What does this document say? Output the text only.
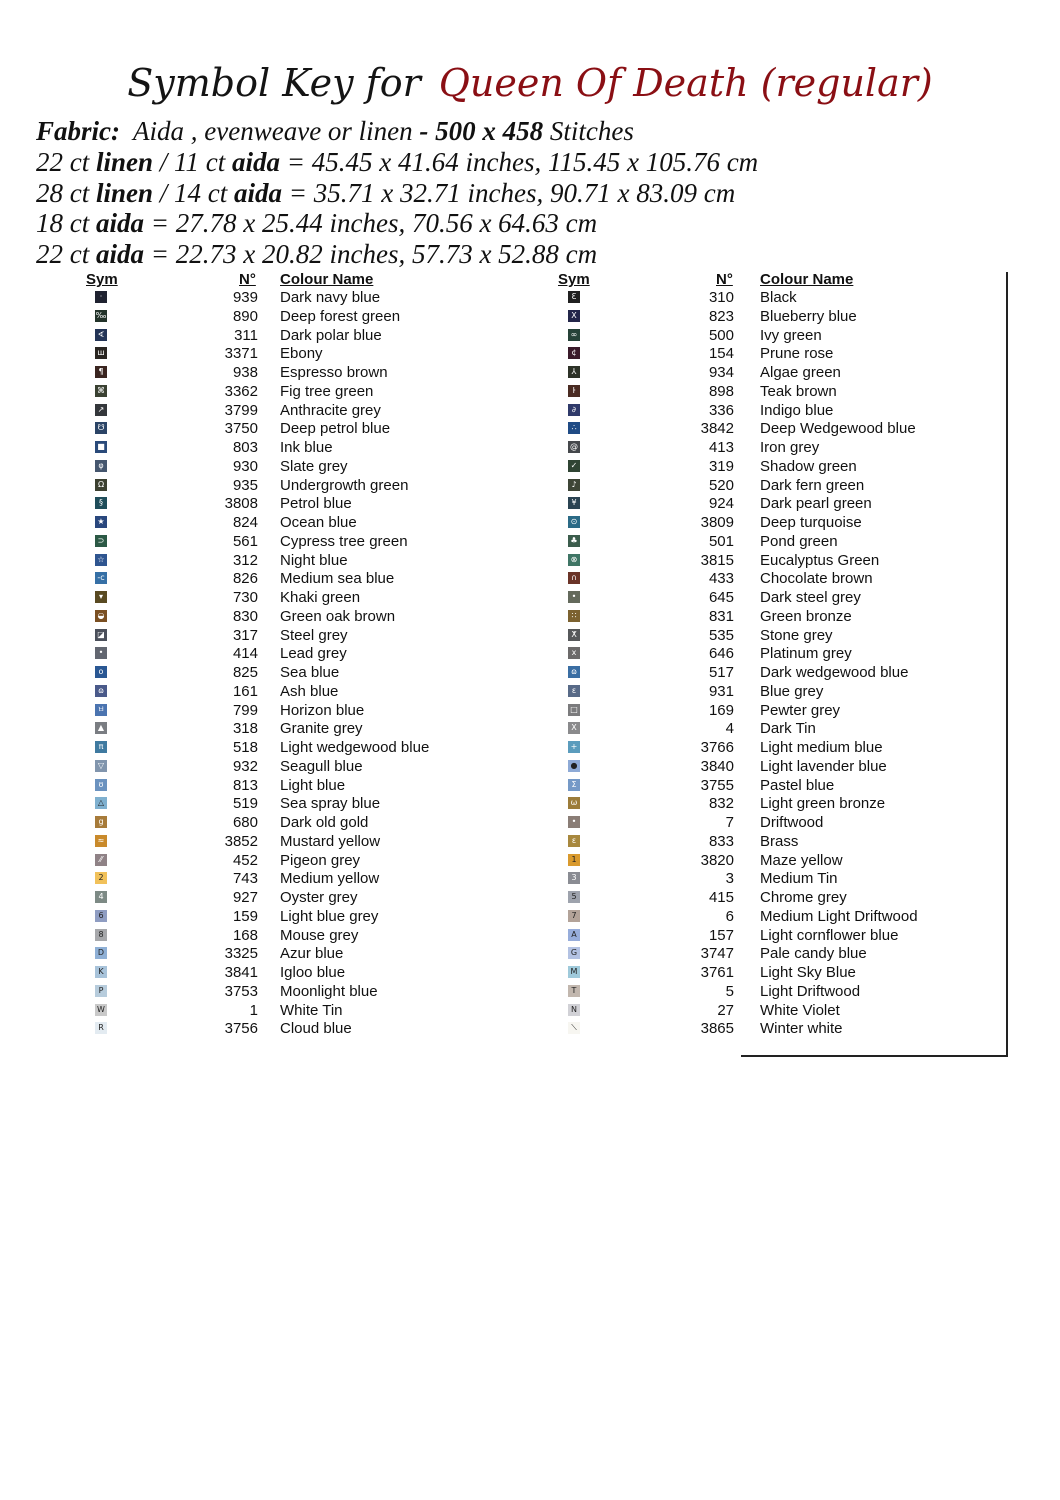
Symbol Key for Queen Of Death (regular)
Fabric: Aida , evenweave or linen - 500 x 458 Stitches
22 ct linen / 11 ct aida = 45.45 x 41.64 inches, 115.45 x 105.76 cm
28 ct linen / 14 ct aida = 35.71 x 32.71 inches, 90.71 x 83.09 cm
18 ct aida = 27.78 x 25.44 inches, 70.56 x 64.63 cm
22 ct aida = 22.73 x 20.82 inches, 57.73 x 52.88 cm
Sym	N° Colour Name
·	939 Dark navy blue
‰	890 Deep forest green
∢	311 Dark polar blue
ш	3371 Ebony
¶	938 Espresso brown
⌘	3362 Fig tree green
↗	3799 Anthracite grey
☋	3750 Deep petrol blue
■	803 Ink blue
φ	930 Slate grey
Ω	935 Undergrowth green
§	3808 Petrol blue
★	824 Ocean blue
⊃	561 Cypress tree green
☆	312 Night blue
-c	826 Medium sea blue
▾	730 Khaki green
◒	830 Green oak brown
◪	317 Steel grey
•	414 Lead grey
o	825 Sea blue
ɷ	161 Ash blue
ㅂ	799 Horizon blue
▲	318 Granite grey
π	518 Light wedgewood blue
▽	932 Seagull blue
ʊ	813 Light blue
△	519 Sea spray blue
g	680 Dark old gold
≈	3852 Mustard yellow
⁄⁄	452 Pigeon grey
2	743 Medium yellow
4	927 Oyster grey
6	159 Light blue grey
8	168 Mouse grey
D	3325 Azur blue
K	3841 Igloo blue
P	3753 Moonlight blue
W	1 White Tin
R	3756 Cloud blue
Sym	N° Colour Name
Ɛ	310 Black
X	823 Blueberry blue
∞	500 Ivy green
¢	154 Prune rose
⅄	934 Algae green
ŀ	898 Teak brown
∂	336 Indigo blue
∴	3842 Deep Wedgewood blue
@	413 Iron grey
✓	319 Shadow green
♪	520 Dark fern green
¥	924 Dark pearl green
⊙	3809 Deep turquoise
♣	501 Pond green
⊗	3815 Eucalyptus Green
∩	433 Chocolate brown
•	645 Dark steel grey
∷	831 Green bronze
ⵅ	535 Stone grey
x	646 Platinum grey
ɷ	517 Dark wedgewood blue
ε	931 Blue grey
□	169 Pewter grey
X	4 Dark Tin
+	3766 Light medium blue
●	3840 Light lavender blue
Σ	3755 Pastel blue
ω	832 Light green bronze
•	7 Driftwood
ɛ	833 Brass
1	3820 Maze yellow
3	3 Medium Tin
5	415 Chrome grey
7	6 Medium Light Driftwood
A	157 Light cornflower blue
G	3747 Pale candy blue
M	3761 Light Sky Blue
T	5 Light Driftwood
N	27 White Violet
⟍	3865 Winter white
